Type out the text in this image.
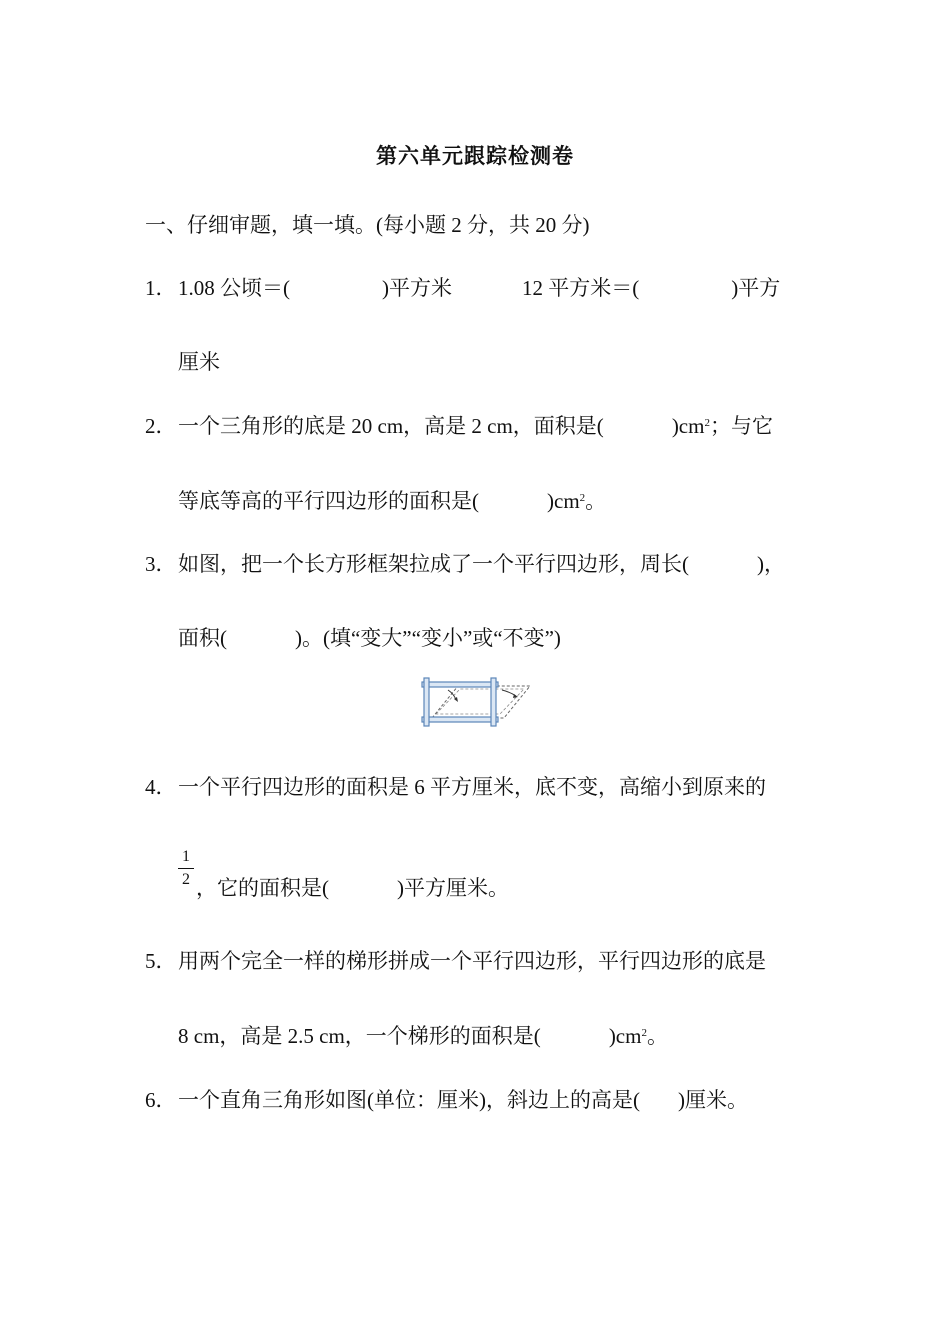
第六单元跟踪检测卷
一、仔细审题，填一填。(每小题 2 分，共 20 分)
1．1.08 公顷＝(	)平方米	12 平方米＝(	)平方
厘米
2．一个三角形的底是 20 cm，高是 2 cm，面积是(	)$cm^2$；与它
等底等高的平行四边形的面积是(	)$cm^2$。
3．如图，把一个长方形框架拉成了一个平行四边形，周长(	)，
面积(	)。(填“变大”“变小”或“不变”)
4．一个平行四边形的面积是 6 平方厘米，底不变，高缩小到原来的
1
2 ，它的面积是(	)平方厘米。
5．用两个完全一样的梯形拼成一个平行四边形，平行四边形的底是
8 cm，高是 2.5 cm，一个梯形的面积是(	)$cm^2$。
6．一个直角三角形如图(单位：厘米)，斜边上的高是( )厘米。
